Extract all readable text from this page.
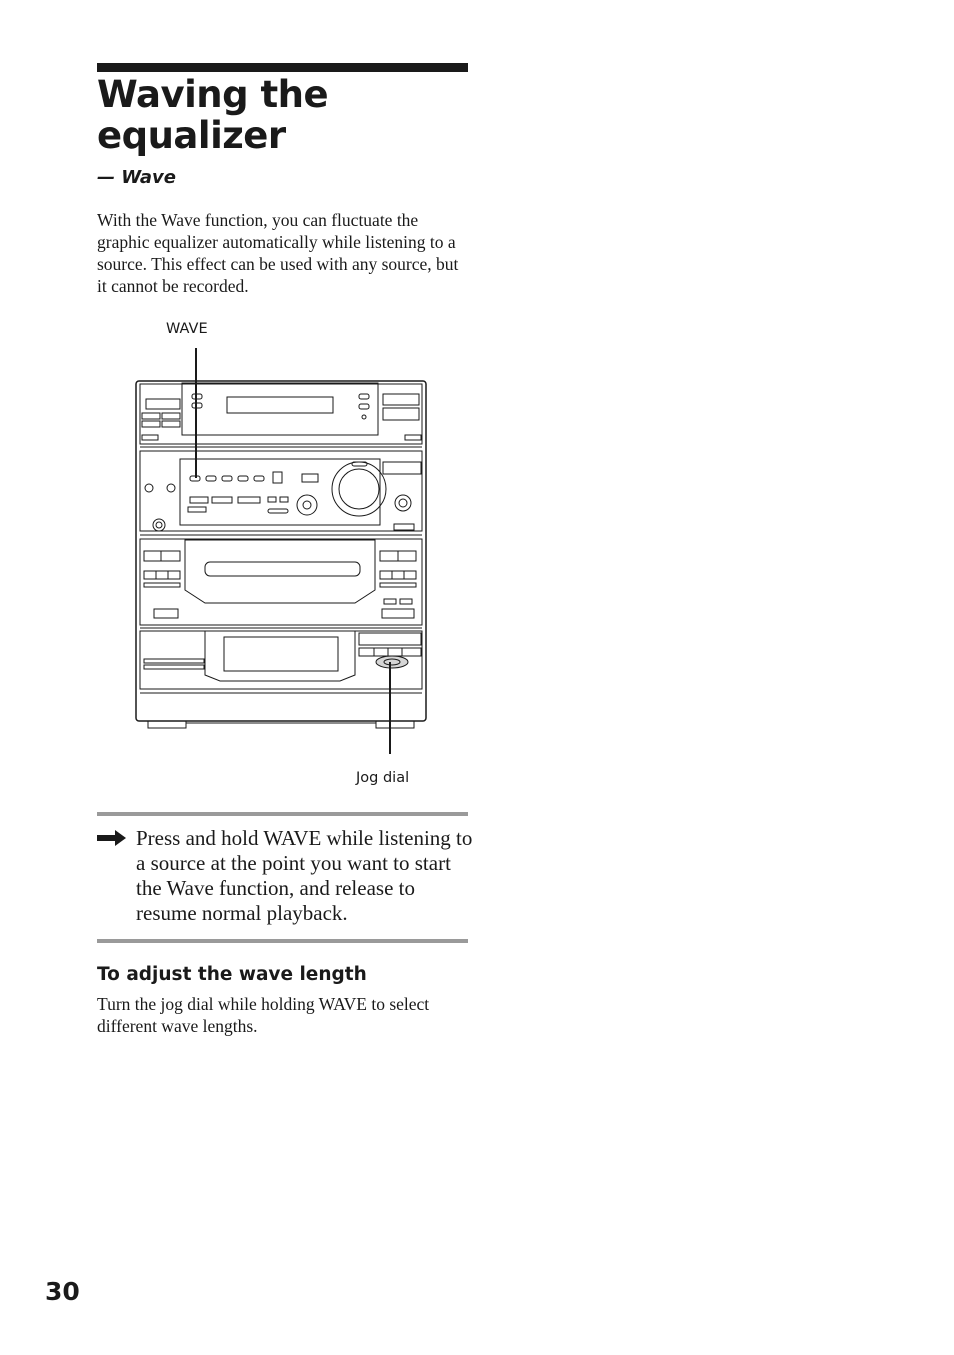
Waving the equalizer
— Wave

With the Wave function, you can fluctuate the graphic equalizer automatically while listening to a source. This effect can be used with any source, but it cannot be recorded.

WAVE
Jog dial

Press and hold WAVE while listening to a source at the point you want to start the Wave function, and release to resume normal playback.

To adjust the wave length

Turn the jog dial while holding WAVE to select different wave lengths.

30
